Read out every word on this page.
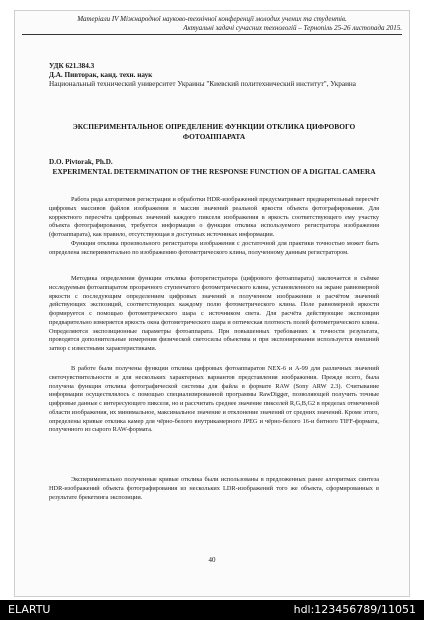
Матеріали IV Міжнародної науково-технічної конференції молодих учених та студентів.
Актуальні задачі сучасних технологій – Тернопіль 25-26 листопада 2015.
УДК 621.384.3
Д.А. Пивторак, канд. техн. наук
Национальный технический университет Украины "Киевский политехнический институт", Украина
ЭКСПЕРИМЕНТАЛЬНОЕ ОПРЕДЕЛЕНИЕ ФУНКЦИИ ОТКЛИКА ЦИФРОВОГО ФОТОАППАРАТА
D.O. Pivtorak, Ph.D.
EXPERIMENTAL DETERMINATION OF THE RESPONSE FUNCTION OF A DIGITAL CAMERA
Работа ряда алгоритмов регистрации и обработки HDR-изображений предусматривает предварительный пересчёт цифровых массивов файлов изображения в массив значений реальной яркости объекта фотографирования. Для корректного пересчёта цифровых значений каждого пикселя изображения в яркость соответствующего ему участку объекта фотографирования, требуется информация о функции отклика используемого регистратора изображения (фотоаппарата), как правило, отсутствующая в доступных источниках информации.
Функция отклика произвольного регистратора изображения с достаточной для практики точностью может быть определена экспериментально по изображению фотометрического клина, полученному данным регистратором.
Методика определения функции отклика фоторегистратора (цифрового фотоаппарата) заключается в съёмке исследуемым фотоаппаратом прозрачного ступенчатого фотометрического клина, установленного на экране равномерной яркости с последующим определением цифровых значений в полученном изображении и расчётом значений действующих экспозиций, соответствующих каждому полю фотометрического клина. Поле равномерной яркости формируется с помощью фотометрического шара с источником света. Для расчёта действующие экспозиции предварительно измеряется яркость окна фотометрического шара и оптическая плотность полей фотометрического клина. Определяются экспозиционные параметры фотоаппарата. При повышенных требованиях к точности результата, проводятся дополнительные измерения физической светосилы объектива и при экспонировании используется внешний затвор с известными характеристиками.
В работе были получены функции отклика цифровых фотоаппаратов NEX-6 и A-99 для различных значений светочувствительности и для нескольких характерных вариантов представления изображения. Прежде всего, была получена функция отклика фотографической системы для файла в формате RAW (Sony ARW 2.3). Считывание информации осуществлялось с помощью специализированной программы RawDigger, позволяющей получить точные цифровые данные с интересующего пикселя, но и рассчитать среднее значение пикселей R,G,B,G2 в пределах отмеченной области изображения, их минимальное, максимальное значение и отклонение значений от средних значений. Кроме этого, определены кривые отклика камер для чёрно-белого внутрикамерного JPEG и чёрно-белого 16-и битного TIFF-формата, полученного из сырого RAW-формата.
Экспериментально полученные кривые отклика были использованы в предложенных ранее алгоритмах синтеза HDR-изображений объекта фотографирования из нескольких LDR-изображений того же объекта, сформированных в результате брекетинга экспозиции.
40
ELARTU	hdl:123456789/11051
